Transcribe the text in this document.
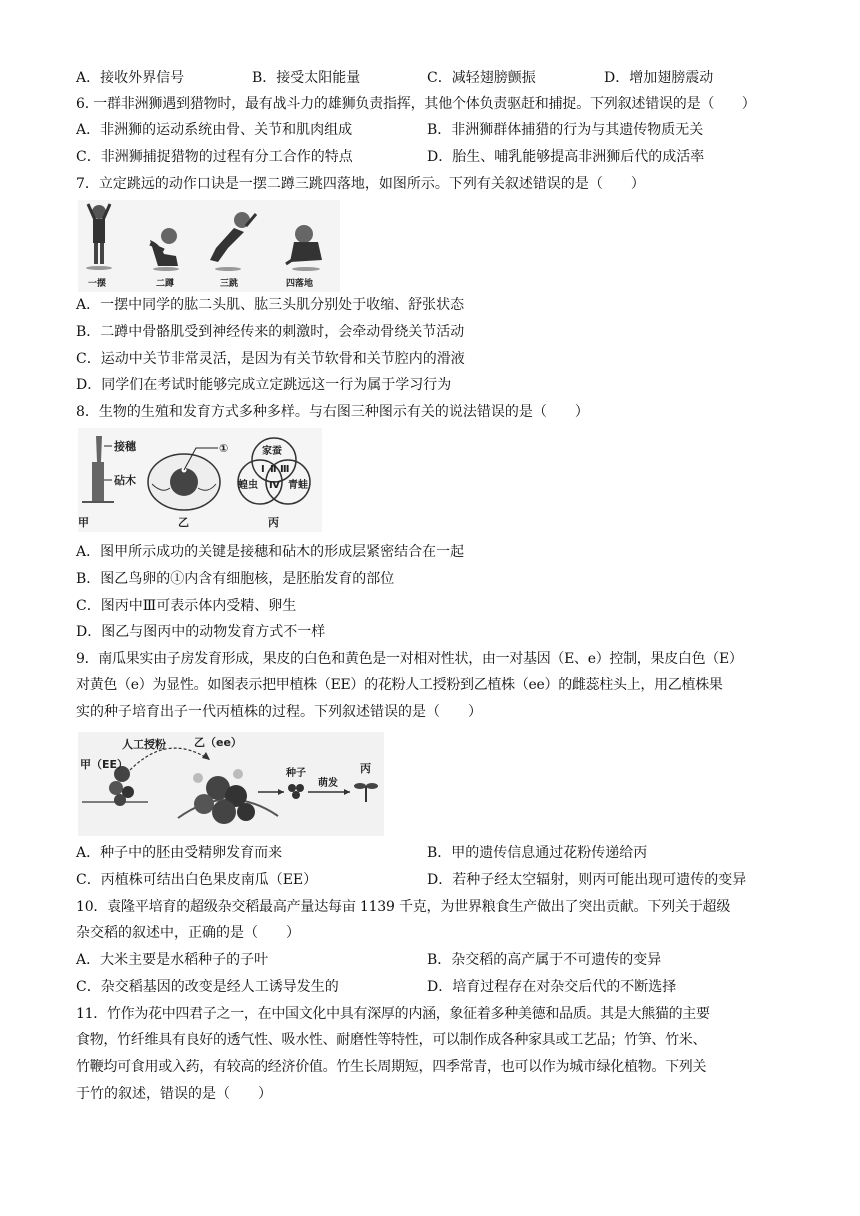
A．接收外界信号	B．接受太阳能量	C．减轻翅膀颤振	D．增加翅膀震动
6. 一群非洲狮遇到猎物时，最有战斗力的雄狮负责指挥，其他个体负责驱赶和捕捉。下列叙述错误的是（　　）
A．非洲狮的运动系统由骨、关节和肌肉组成	B．非洲狮群体捕猎的行为与其遗传物质无关
C．非洲狮捕捉猎物的过程有分工合作的特点	D．胎生、哺乳能够提高非洲狮后代的成活率
7．立定跳远的动作口诀是一摆二蹲三跳四落地，如图所示。下列有关叙述错误的是（　　）
一摆	二蹲	三跳	四落地
A．一摆中同学的肱二头肌、肱三头肌分别处于收缩、舒张状态
B．二蹲中骨骼肌受到神经传来的刺激时，会牵动骨绕关节活动
C．运动中关节非常灵活，是因为有关节软骨和关节腔内的滑液
D．同学们在考试时能够完成立定跳远这一行为属于学习行为
8．生物的生殖和发育方式多种多样。与右图三种图示有关的说法错误的是（　　）
接穗
砧木
甲
①
乙
家蚕
蝗虫	青蛙
Ⅰ Ⅱ Ⅲ
Ⅳ
丙
A．图甲所示成功的关键是接穗和砧木的形成层紧密结合在一起
B．图乙鸟卵的①内含有细胞核，是胚胎发育的部位
C．图丙中Ⅲ可表示体内受精、卵生
D．图乙与图丙中的动物发育方式不一样
9．南瓜果实由子房发育形成，果皮的白色和黄色是一对相对性状，由一对基因（E、e）控制，果皮白色（E）
对黄色（e）为显性。如图表示把甲植株（EE）的花粉人工授粉到乙植株（ee）的雌蕊柱头上，用乙植株果
实的种子培育出子一代丙植株的过程。下列叙述错误的是（　　）
甲（EE）
人工授粉	乙（ee）
种子
萌发
丙
A．种子中的胚由受精卵发育而来	B．甲的遗传信息通过花粉传递给丙
C．丙植株可结出白色果皮南瓜（EE）	D．若种子经太空辐射，则丙可能出现可遗传的变异
10．袁隆平培育的超级杂交稻最高产量达每亩 1139 千克，为世界粮食生产做出了突出贡献。下列关于超级
杂交稻的叙述中，正确的是（　　）
A．大米主要是水稻种子的子叶	B．杂交稻的高产属于不可遗传的变异
C．杂交稻基因的改变是经人工诱导发生的	D．培育过程存在对杂交后代的不断选择
11．竹作为花中四君子之一，在中国文化中具有深厚的内涵，象征着多种美德和品质。其是大熊猫的主要
食物，竹纤维具有良好的透气性、吸水性、耐磨性等特性，可以制作成各种家具或工艺品；竹笋、竹米、
竹鞭均可食用或入药，有较高的经济价值。竹生长周期短，四季常青，也可以作为城市绿化植物。下列关
于竹的叙述，错误的是（　　）
